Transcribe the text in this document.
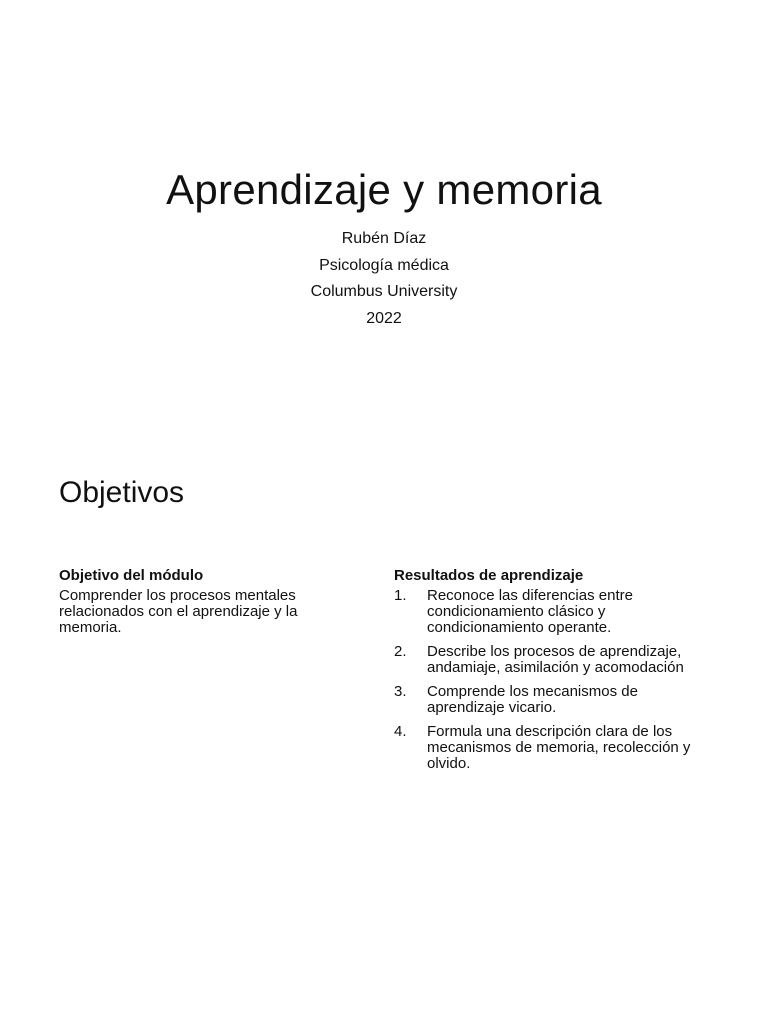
Aprendizaje y memoria
Rubén Díaz
Psicología médica
Columbus University
2022
Objetivos

Objetivo del módulo

Comprender los procesos mentales relacionados con el aprendizaje y la memoria.

Resultados de aprendizaje

1.	Reconoce las diferencias entre condicionamiento clásico y condicionamiento operante.
2.	Describe los procesos de aprendizaje, andamiaje, asimilación y acomodación
3.	Comprende los mecanismos de aprendizaje vicario.
4.	Formula una descripción clara de los mecanismos de memoria, recolección y olvido.
